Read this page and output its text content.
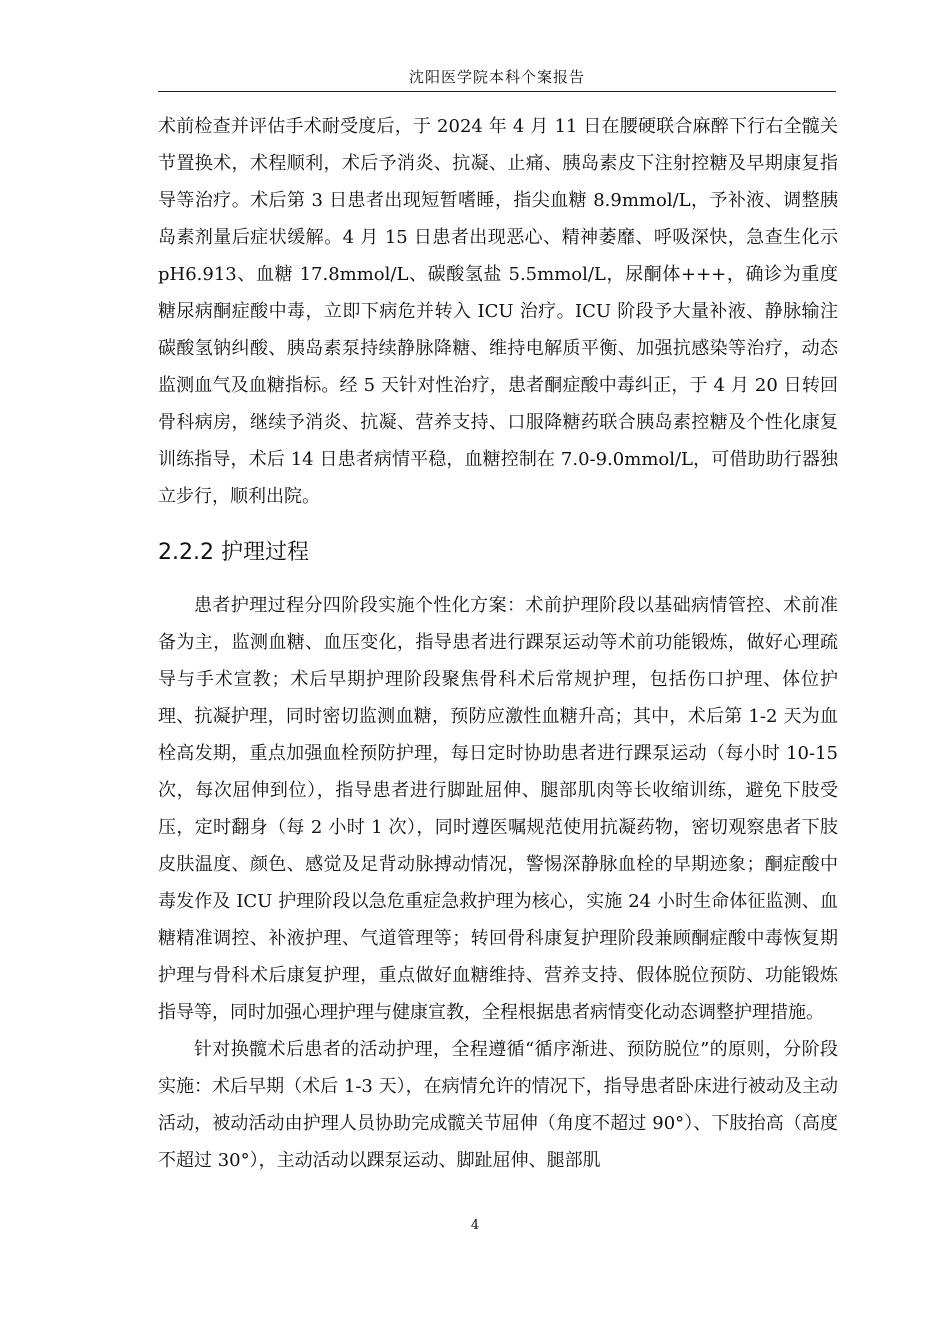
沈阳医学院本科个案报告

术前检查并评估手术耐受度后，于 2024 年 4 月 11 日在腰硬联合麻醉下行右全髋关节置换术，术程顺利，术后予消炎、抗凝、止痛、胰岛素皮下注射控糖及早期康复指导等治疗。术后第 3 日患者出现短暂嗜睡，指尖血糖 8.9mmol/L，予补液、调整胰岛素剂量后症状缓解。4 月 15 日患者出现恶心、精神萎靡、呼吸深快，急查生化示 pH6.913、血糖 17.8mmol/L、碳酸氢盐 5.5mmol/L，尿酮体+++，确诊为重度糖尿病酮症酸中毒，立即下病危并转入 ICU 治疗。ICU 阶段予大量补液、静脉输注碳酸氢钠纠酸、胰岛素泵持续静脉降糖、维持电解质平衡、加强抗感染等治疗，动态监测血气及血糖指标。经 5 天针对性治疗，患者酮症酸中毒纠正，于 4 月 20 日转回骨科病房，继续予消炎、抗凝、营养支持、口服降糖药联合胰岛素控糖及个性化康复训练指导，术后 14 日患者病情平稳，血糖控制在 7.0-9.0mmol/L，可借助助行器独立步行，顺利出院。

2.2.2 护理过程

患者护理过程分四阶段实施个性化方案：术前护理阶段以基础病情管控、术前准备为主，监测血糖、血压变化，指导患者进行踝泵运动等术前功能锻炼，做好心理疏导与手术宣教；术后早期护理阶段聚焦骨科术后常规护理，包括伤口护理、体位护理、抗凝护理，同时密切监测血糖，预防应激性血糖升高；其中，术后第 1-2 天为血栓高发期，重点加强血栓预防护理，每日定时协助患者进行踝泵运动（每小时 10-15 次，每次屈伸到位），指导患者进行脚趾屈伸、腿部肌肉等长收缩训练，避免下肢受压，定时翻身（每 2 小时 1 次），同时遵医嘱规范使用抗凝药物，密切观察患者下肢皮肤温度、颜色、感觉及足背动脉搏动情况，警惕深静脉血栓的早期迹象；酮症酸中毒发作及 ICU 护理阶段以急危重症急救护理为核心，实施 24 小时生命体征监测、血糖精准调控、补液护理、气道管理等；转回骨科康复护理阶段兼顾酮症酸中毒恢复期护理与骨科术后康复护理，重点做好血糖维持、营养支持、假体脱位预防、功能锻炼指导等，同时加强心理护理与健康宣教，全程根据患者病情变化动态调整护理措施。

针对换髋术后患者的活动护理，全程遵循“循序渐进、预防脱位”的原则，分阶段实施：术后早期（术后 1-3 天），在病情允许的情况下，指导患者卧床进行被动及主动活动，被动活动由护理人员协助完成髋关节屈伸（角度不超过 90°）、下肢抬高（高度不超过 30°），主动活动以踝泵运动、脚趾屈伸、腿部肌

4
